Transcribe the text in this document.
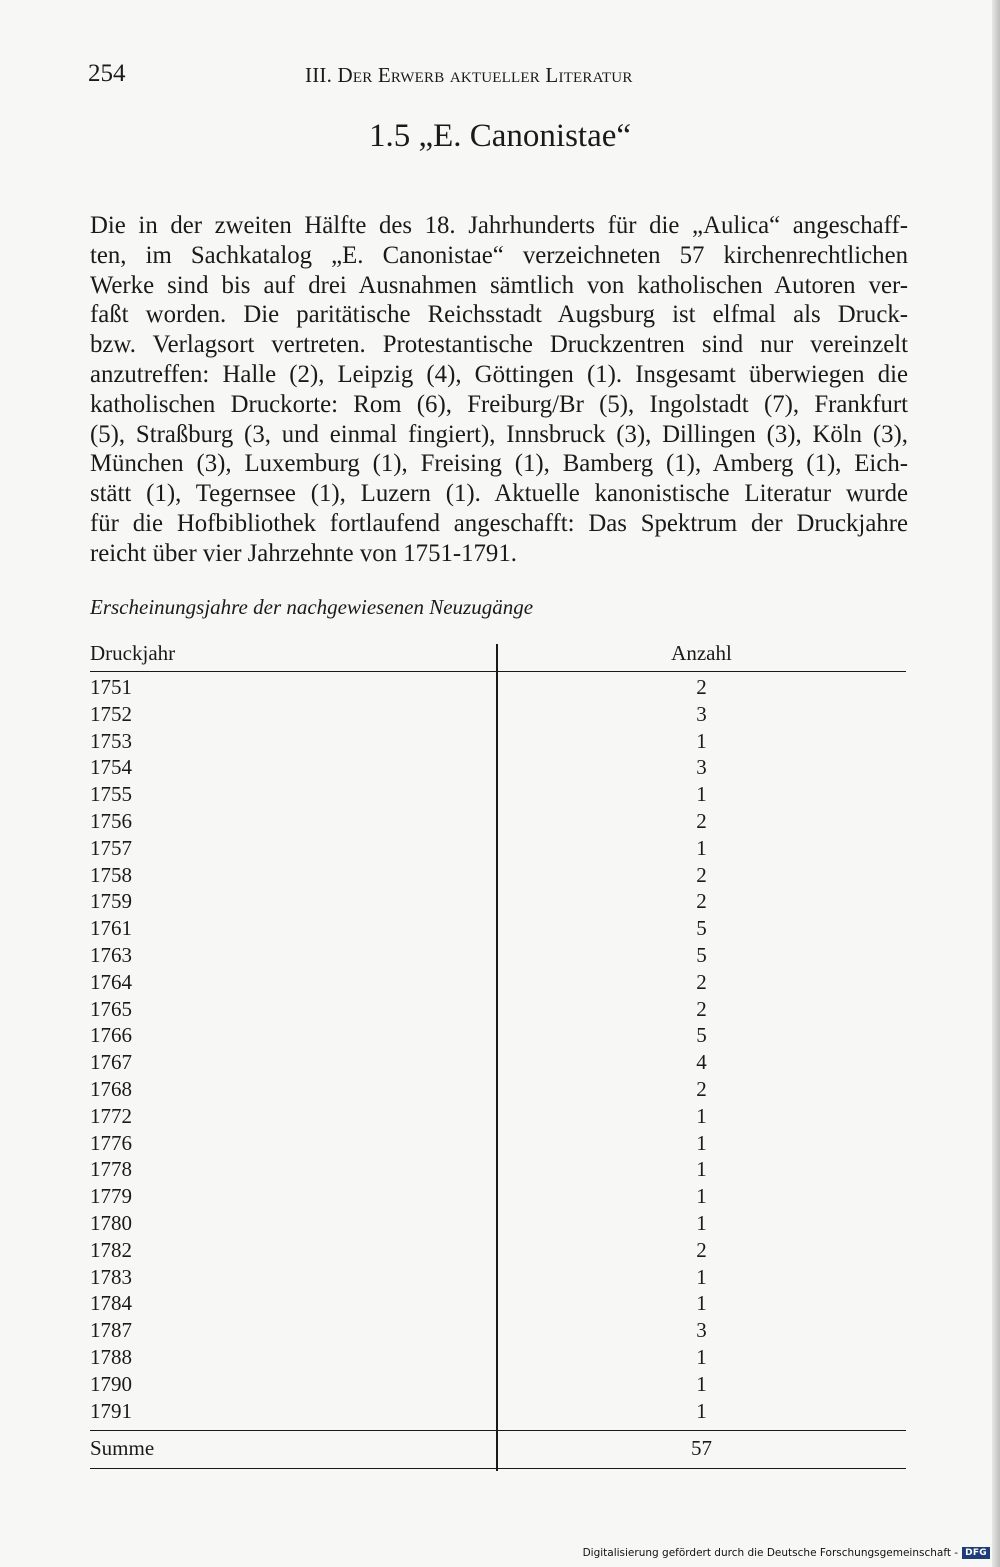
254	III. Der Erwerb aktueller Literatur
1.5 „E. Canonistae“
Die in der zweiten Hälfte des 18. Jahrhunderts für die „Aulica“ angeschaff-
ten, im Sachkatalog „E. Canonistae“ verzeichneten 57 kirchenrechtlichen
Werke sind bis auf drei Ausnahmen sämtlich von katholischen Autoren ver-
faßt worden. Die paritätische Reichsstadt Augsburg ist elfmal als Druck-
bzw. Verlagsort vertreten. Protestantische Druckzentren sind nur vereinzelt
anzutreffen: Halle (2), Leipzig (4), Göttingen (1). Insgesamt überwiegen die
katholischen Druckorte: Rom (6), Freiburg/Br (5), Ingolstadt (7), Frankfurt
(5), Straßburg (3, und einmal fingiert), Innsbruck (3), Dillingen (3), Köln (3),
München (3), Luxemburg (1), Freising (1), Bamberg (1), Amberg (1), Eich-
stätt (1), Tegernsee (1), Luzern (1). Aktuelle kanonistische Literatur wurde
für die Hofbibliothek fortlaufend angeschafft: Das Spektrum der Druckjahre
reicht über vier Jahrzehnte von 1751-1791.
Erscheinungsjahre der nachgewiesenen Neuzugänge
Druckjahr	Anzahl
1751	2
1752	3
1753	1
1754	3
1755	1
1756	2
1757	1
1758	2
1759	2
1761	5
1763	5
1764	2
1765	2
1766	5
1767	4
1768	2
1772	1
1776	1
1778	1
1779	1
1780	1
1782	2
1783	1
1784	1
1787	3
1788	1
1790	1
1791	1
Summe	57
Digitalisierung gefördert durch die Deutsche Forschungsgemeinschaft - DFG
